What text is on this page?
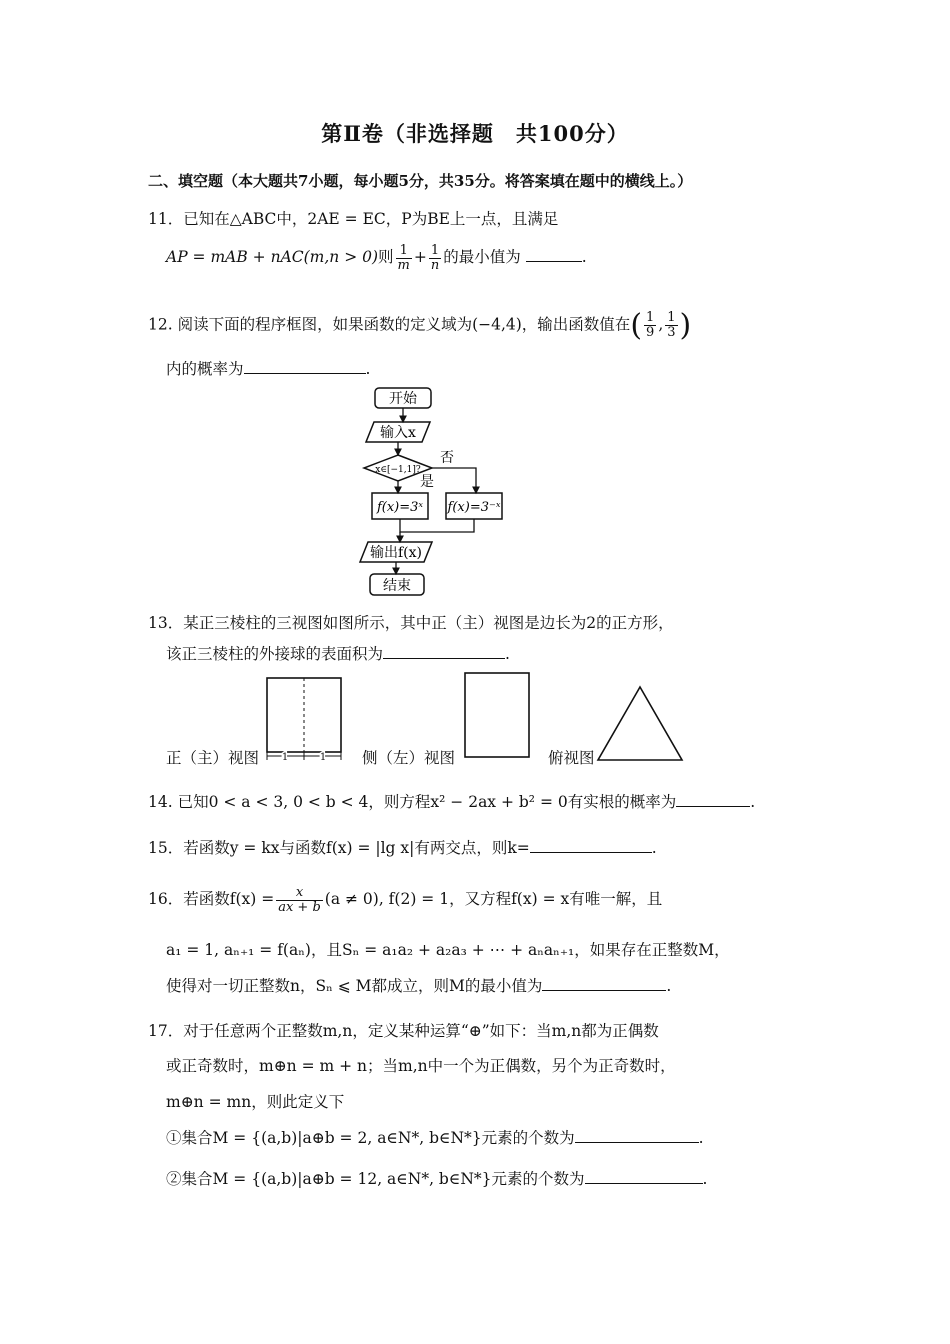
第Ⅱ卷（非选择题　共100分）
二、填空题（本大题共7小题，每小题5分，共35分。将答案填在题中的横线上。）
11．已知在△ABC中，2AE = EC，P为BE上一点，且满足
AP = mAB + nAC(m,n > 0)则 $\frac{1}{m} + \frac{1}{n}$ 的最小值为	.
12. 阅读下面的程序框图，如果函数的定义域为(−4,4)，输出函数值在( $\frac{1}{9}$ , $\frac{1}{3}$ )
内的概率为	.
开始
输入x
x∈[−1,1]?
否
是
f(x)=3ˣ f(x)=3⁻ˣ
输出f(x)
结束
13．某正三棱柱的三视图如图所示，其中正（主）视图是边长为2的正方形，
该正三棱柱的外接球的表面积为	.
正（主）视图 1	1 侧（左）视图	俯视图
14. 已知0 < a < 3, 0 < b < 4，则方程x² − 2ax + b² = 0有实根的概率为	.
15．若函数y = kx与函数f(x) = |lg x|有两交点，则k=	.
16．若函数$f(x) = \frac{x}{ax + b} (a \ne 0)$, f(2) = 1，又方程f(x) = x有唯一解，且
a₁ = 1, aₙ₊₁ = f(aₙ)，且Sₙ = a₁a₂ + a₂a₃ + ⋯ + aₙaₙ₊₁，如果存在正整数M，
使得对一切正整数n，Sₙ ⩽ M都成立，则M的最小值为	.
17．对于任意两个正整数m,n，定义某种运算“⊕”如下：当m,n都为正偶数
或正奇数时，m⊕n = m + n；当m,n中一个为正偶数，另个为正奇数时，
m⊕n = mn，则此定义下
①集合M = {(a,b)|a⊕b = 2, a∈N*, b∈N*}元素的个数为	.
②集合M = {(a,b)|a⊕b = 12, a∈N*, b∈N*}元素的个数为	.
